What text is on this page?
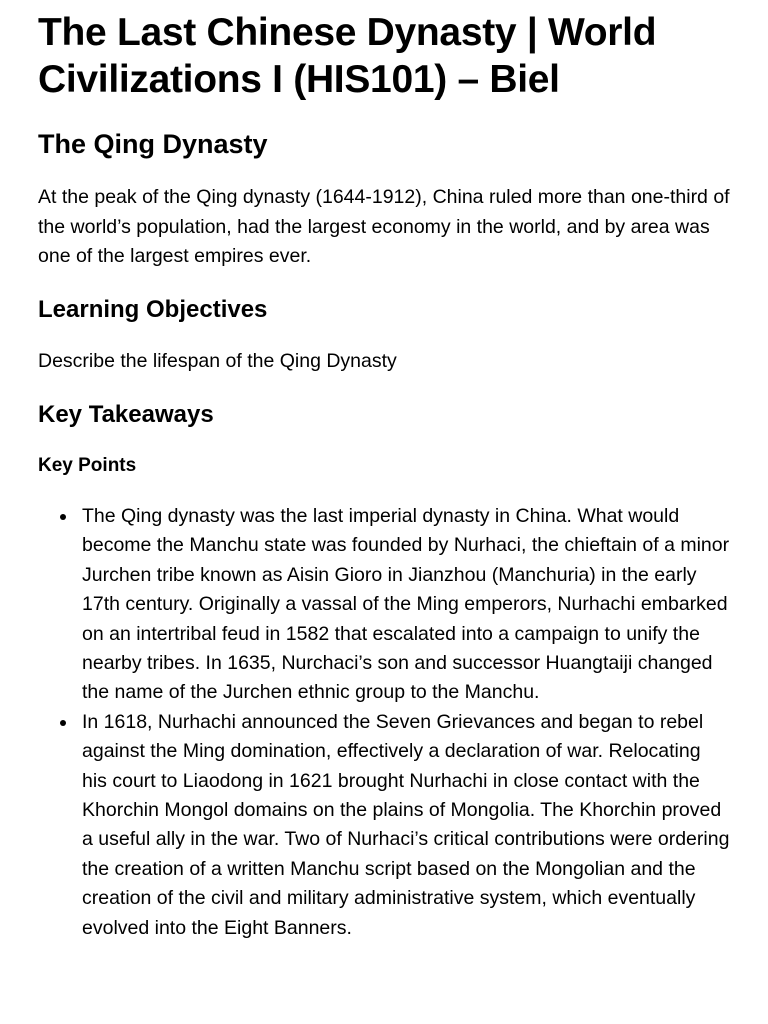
The Last Chinese Dynasty | World Civilizations I (HIS101) – Biel
The Qing Dynasty

At the peak of the Qing dynasty (1644-1912), China ruled more than one-third of the world’s population, had the largest economy in the world, and by area was one of the largest empires ever.

Learning Objectives

Describe the lifespan of the Qing Dynasty

Key Takeaways
Key Points
The Qing dynasty was the last imperial dynasty in China. What would become the Manchu state was founded by Nurhaci, the chieftain of a minor Jurchen tribe known as Aisin Gioro in Jianzhou (Manchuria) in the early 17th century. Originally a vassal of the Ming emperors, Nurhachi embarked on an intertribal feud in 1582 that escalated into a campaign to unify the nearby tribes. In 1635, Nurchaci’s son and successor Huangtaiji changed the name of the Jurchen ethnic group to the Manchu.
In 1618, Nurhachi announced the Seven Grievances and began to rebel against the Ming domination, effectively a declaration of war. Relocating his court to Liaodong in 1621 brought Nurhachi in close contact with the Khorchin Mongol domains on the plains of Mongolia. The Khorchin proved a useful ally in the war. Two of Nurhaci’s critical contributions were ordering the creation of a written Manchu script based on the Mongolian and the creation of the civil and military administrative system, which eventually evolved into the Eight Banners.
